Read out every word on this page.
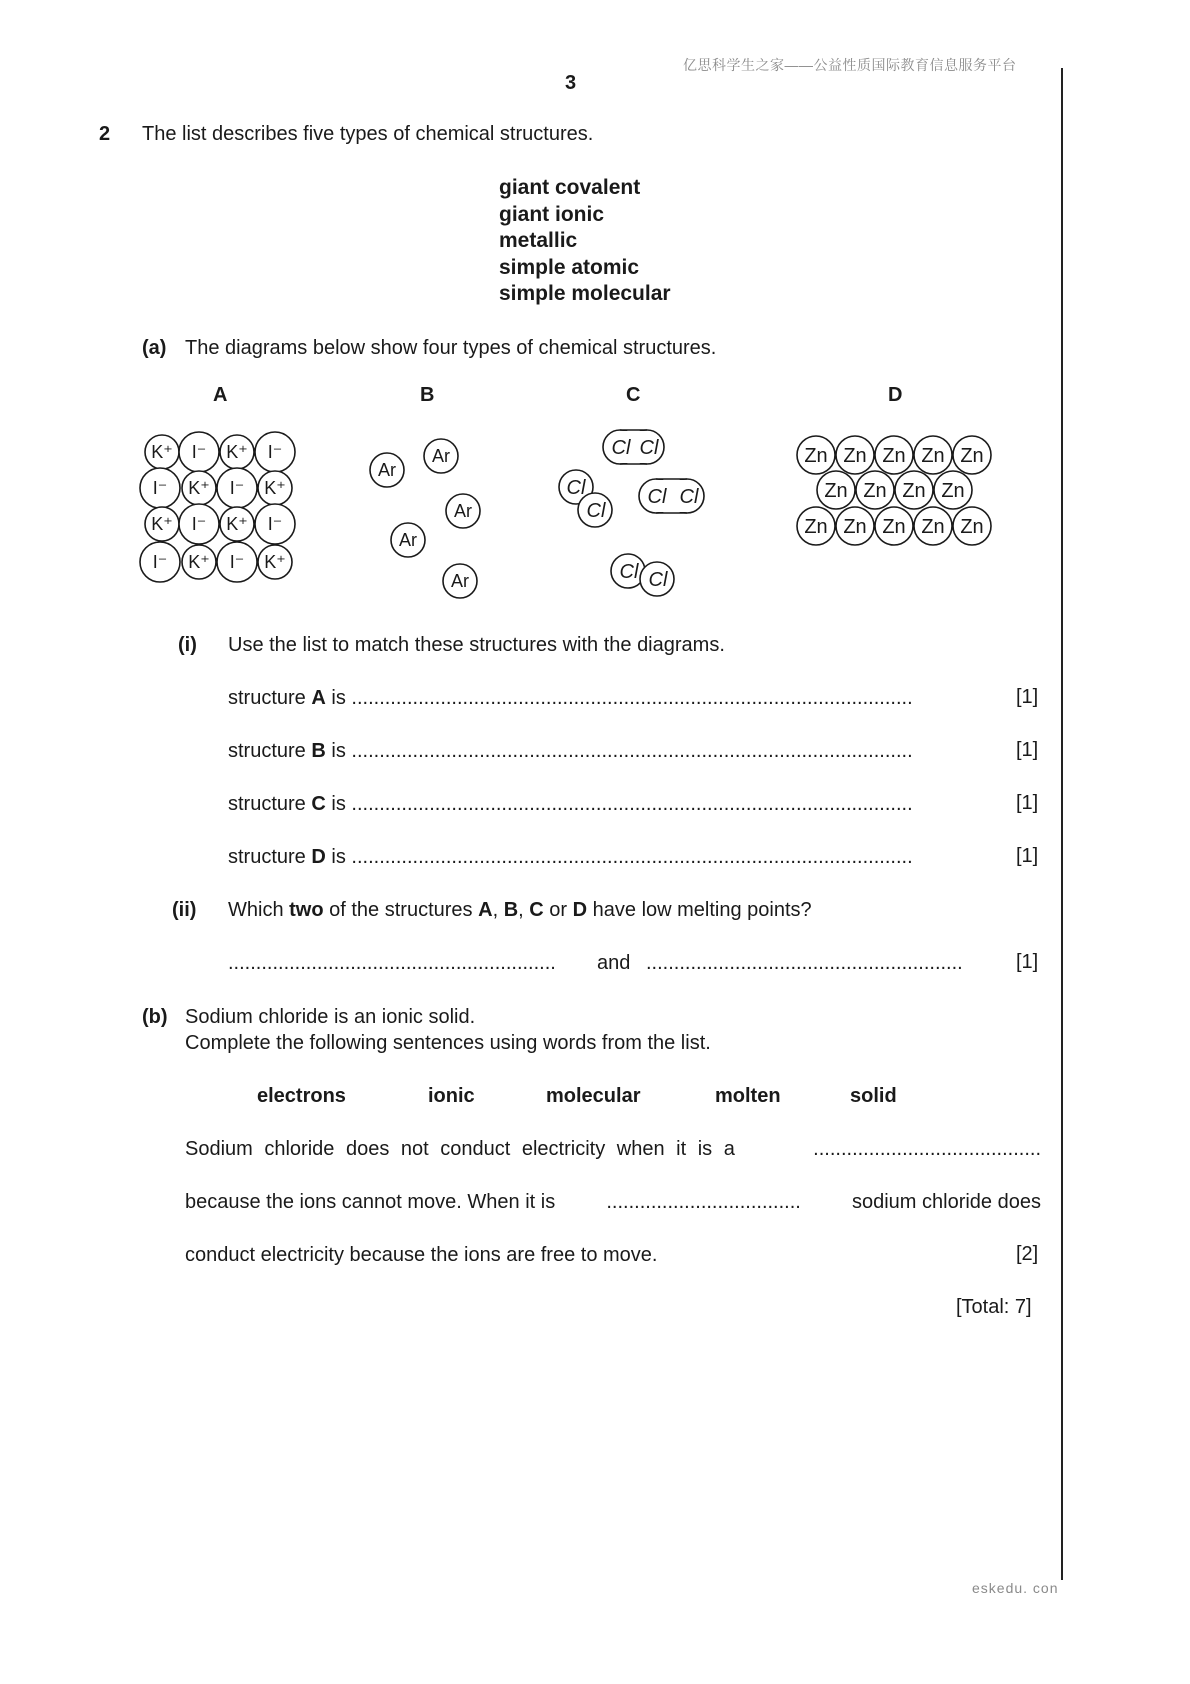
亿思科学生之家——公益性质国际教育信息服务平台
3
2 The list describes five types of chemical structures.
giant covalent
giant ionic
metallic
simple atomic
simple molecular
(a) The diagrams below show four types of chemical structures.
A	B	C	D
K⁺ I⁻ K⁺ I⁻
I⁻ K⁺ I⁻ K⁺
K⁺ I⁻ K⁺ I⁻
I⁻ K⁺ I⁻ K⁺
Ar
Ar
Ar
Ar
Ar
Cl Cl
Cl
Cl
Cl Cl
Cl Cl
Zn Zn Zn Zn Zn
Zn Zn Zn Zn
Zn Zn Zn Zn Zn
(i) Use the list to match these structures with the diagrams.
structure A is .....................................................................................................	[1]
structure B is .....................................................................................................	[1]
structure C is .....................................................................................................	[1]
structure D is .....................................................................................................	[1]
(ii) Which two of the structures A, B, C or D have low melting points?
........................................................... and .........................................................	[1]
(b) Sodium chloride is an ionic solid.
Complete the following sentences using words from the list.
electrons	ionic	molecular	molten	solid
Sodium chloride does not conduct electricity when it is a	.........................................
because the ions cannot move. When it is	...................................	sodium chloride does
conduct electricity because the ions are free to move.	[2]
[Total: 7]
eskedu. con
